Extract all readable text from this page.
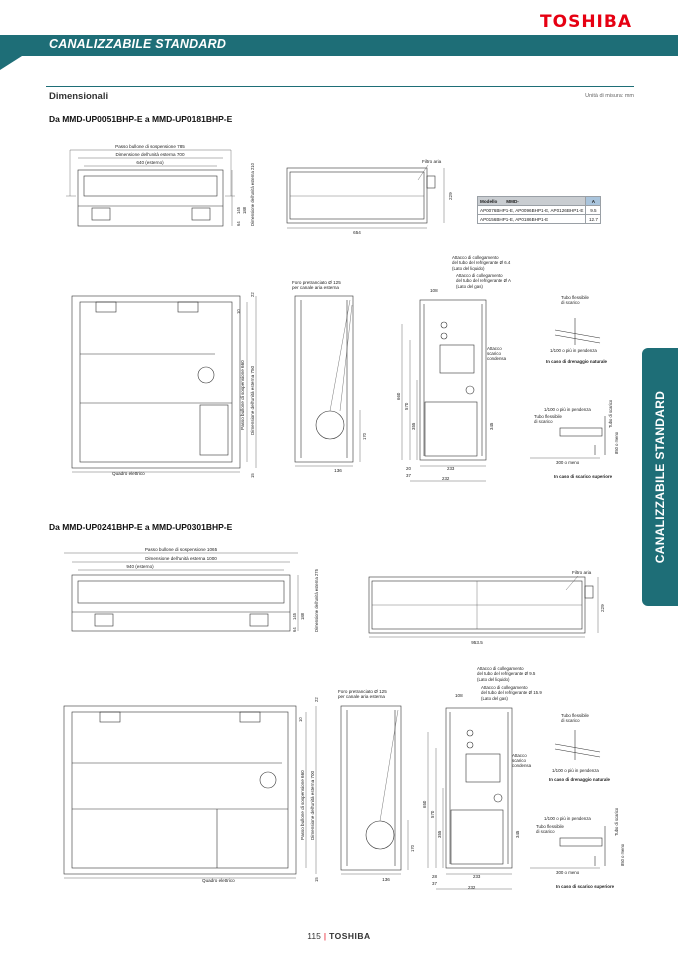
TOSHIBA
CANALIZZABILE STANDARD
Dimensionali	Unità di misura: mm
Da MMD-UP0051BHP-E a MMD-UP0181BHP-E
Da MMD-UP0241BHP-E a MMD-UP0301BHP-E	CANALIZZABILE STANDARD
Modello MMD-	A
AP0076BHP1-E, AP0096BHP1-E, AP0126BHP1-E	9.5
AP0156BHP1-E, AP0186BHP1-E	12.7
Passo bullone di sospensione 785
Dimensione dell'unità esterna 700
640 (esterno)
145
64
188 Dimensione dell'unità esterna 210
Filtro aria
654
229
Quadro elettrico
22
10
15
Passo bullone di sospensione 660 Dimensione dell'unità esterna 750
Foro pretranciato Ø 125
per canale aria esterna
136
170
Attacco di collegamento
del tubo del refrigerante Ø 6.4
(Lato del liquido)
Attacco di collegamento
del tubo del refrigerante Ø A
(Lato del gas)
108
Attacco
scarico
condensa
660
570
355	345
20	233
37
232
Tubo flessibile
di scarico
1/100 o più in pendenza
In caso di drenaggio naturale
1/100 o più in pendenza
Tubo flessibile
di scarico
300 o meno
850 o meno
Tubo di scarico
In caso di scarico superiore
Passo bullone di sospensione 1065
Dimensione dell'unità esterna 1000
940 (esterno)
145
64
188 Dimensione dell'unità esterna 275	Filtro aria
953.5
229
Quadro elettrico
22
10
15
Passo bullone di sospensione 660 Dimensione dell'unità esterna 700
Foro pretranciato Ø 125
per canale aria esterna
136
170
Attacco di collegamento
del tubo del refrigerante Ø 9.5
(Lato del liquido)
Attacco di collegamento
del tubo del refrigerante Ø 15.9
(Lato del gas)
108
Attacco
scarico
condensa
650
570
355	345
28	233
37
232
Tubo flessibile
di scarico
1/100 o più in pendenza
In caso di drenaggio naturale
1/100 o più in pendenza
Tubo flessibile
di scarico
300 o meno
850 o meno
Tubo di scarico
In caso di scarico superiore
115 | TOSHIBA
